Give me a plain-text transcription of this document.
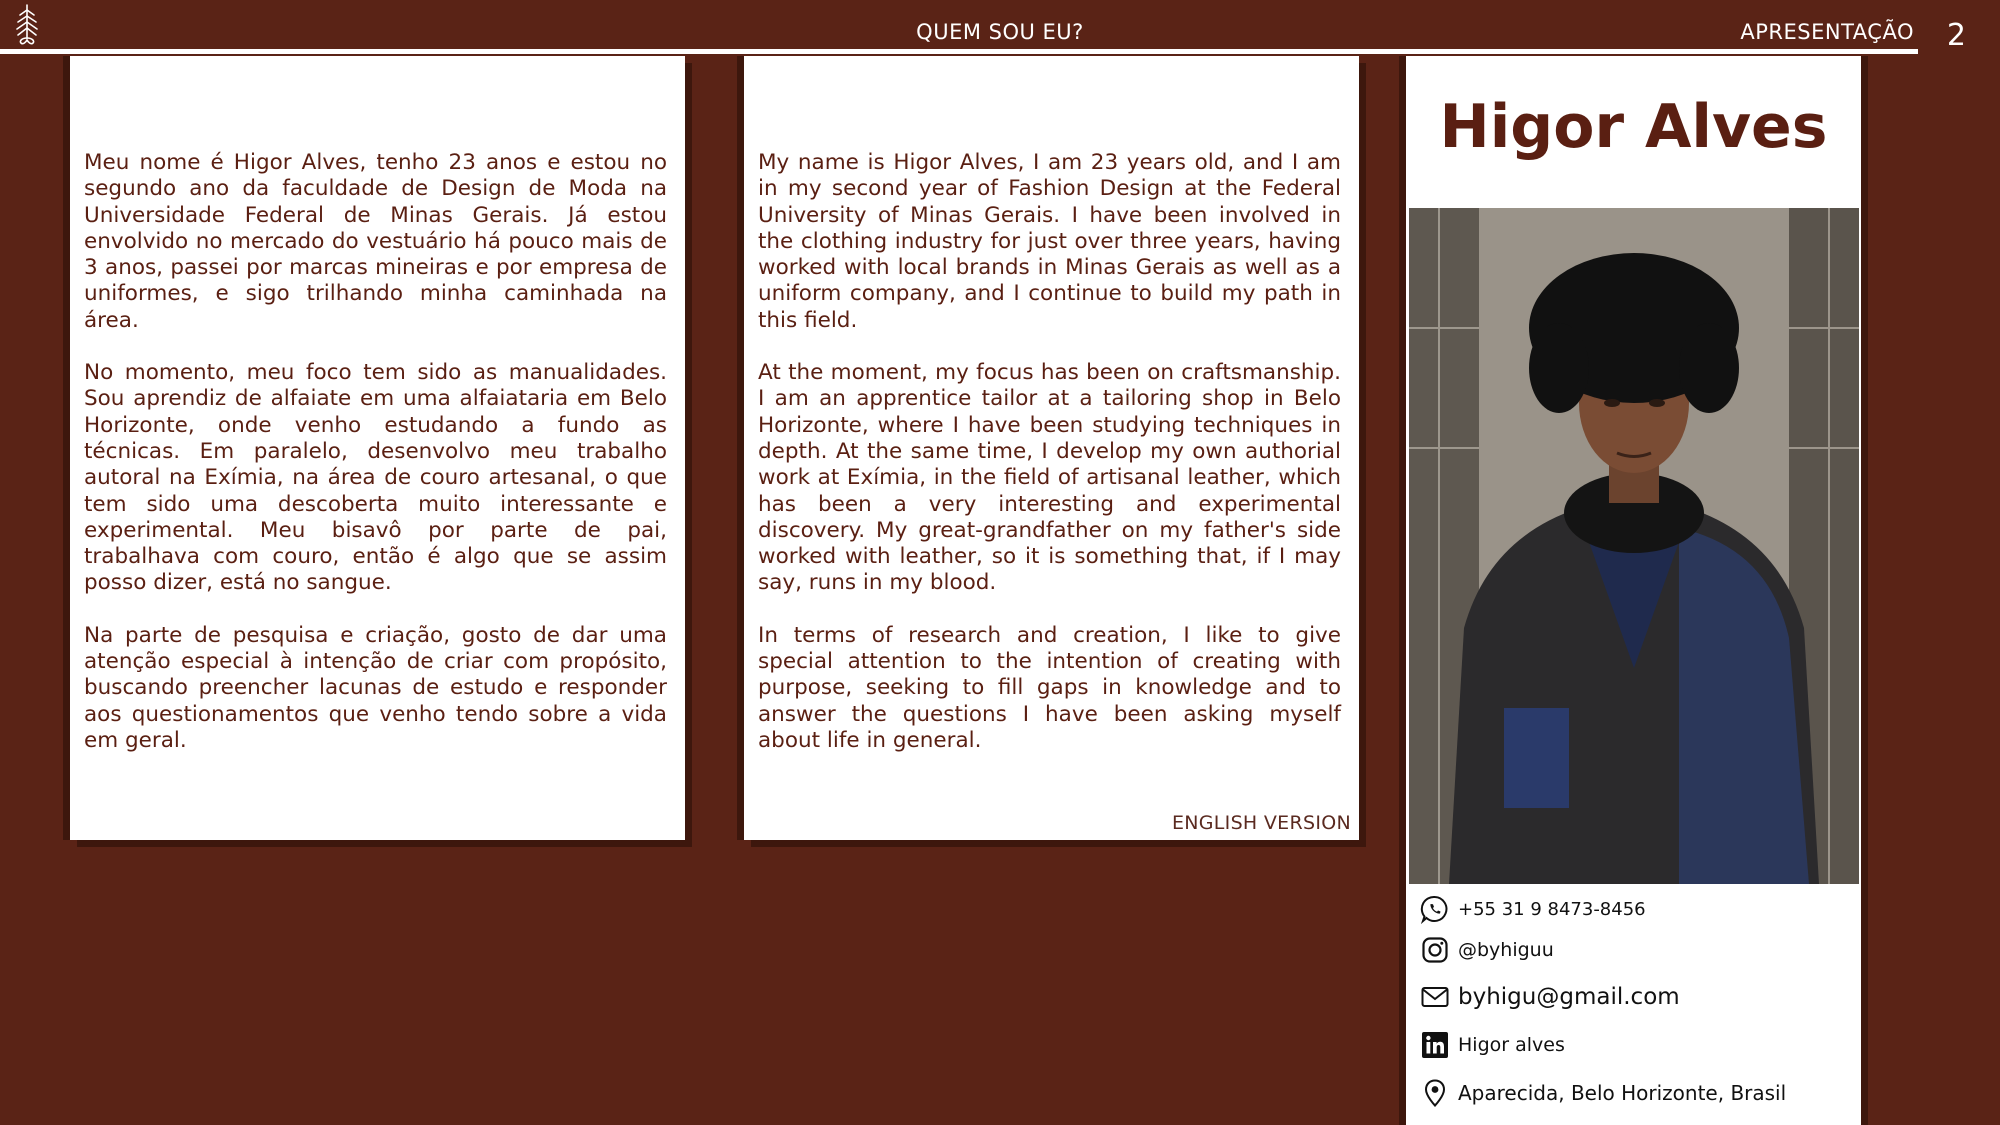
QUEM SOU EU?	APRESENTAÇÃO 2

Meu nome é Higor Alves, tenho 23 anos e estou no segundo ano da faculdade de Design de Moda na Universidade Federal de Minas Gerais. Já estou envolvido no mercado do vestuário há pouco mais de 3 anos, passei por marcas mineiras e por empresa de uniformes, e sigo trilhando minha caminhada na área.

No momento, meu foco tem sido as manualidades. Sou aprendiz de alfaiate em uma alfaiataria em Belo Horizonte, onde venho estudando a fundo as técnicas. Em paralelo, desenvolvo meu trabalho autoral na Exímia, na área de couro artesanal, o que tem sido uma descoberta muito interessante e experimental. Meu bisavô por parte de pai, trabalhava com couro, então é algo que se assim posso dizer, está no sangue.

Na parte de pesquisa e criação, gosto de dar uma atenção especial à intenção de criar com propósito, buscando preencher lacunas de estudo e responder aos questionamentos que venho tendo sobre a vida em geral.

My name is Higor Alves, I am 23 years old, and I am in my second year of Fashion Design at the Federal University of Minas Gerais. I have been involved in the clothing industry for just over three years, having worked with local brands in Minas Gerais as well as a uniform company, and I continue to build my path in this field.

At the moment, my focus has been on craftsmanship. I am an apprentice tailor at a tailoring shop in Belo Horizonte, where I have been studying techniques in depth. At the same time, I develop my own authorial work at Exímia, in the field of artisanal leather, which has been a very interesting and experimental discovery. My great-grandfather on my father's side worked with leather, so it is something that, if I may say, runs in my blood.

In terms of research and creation, I like to give special attention to the intention of creating with purpose, seeking to fill gaps in knowledge and to answer the questions I have been asking myself about life in general.

ENGLISH VERSION
Higor Alves
+55 31 9 8473-8456
@byhiguu
byhigu@gmail.com
Higor alves
Aparecida, Belo Horizonte, Brasil
